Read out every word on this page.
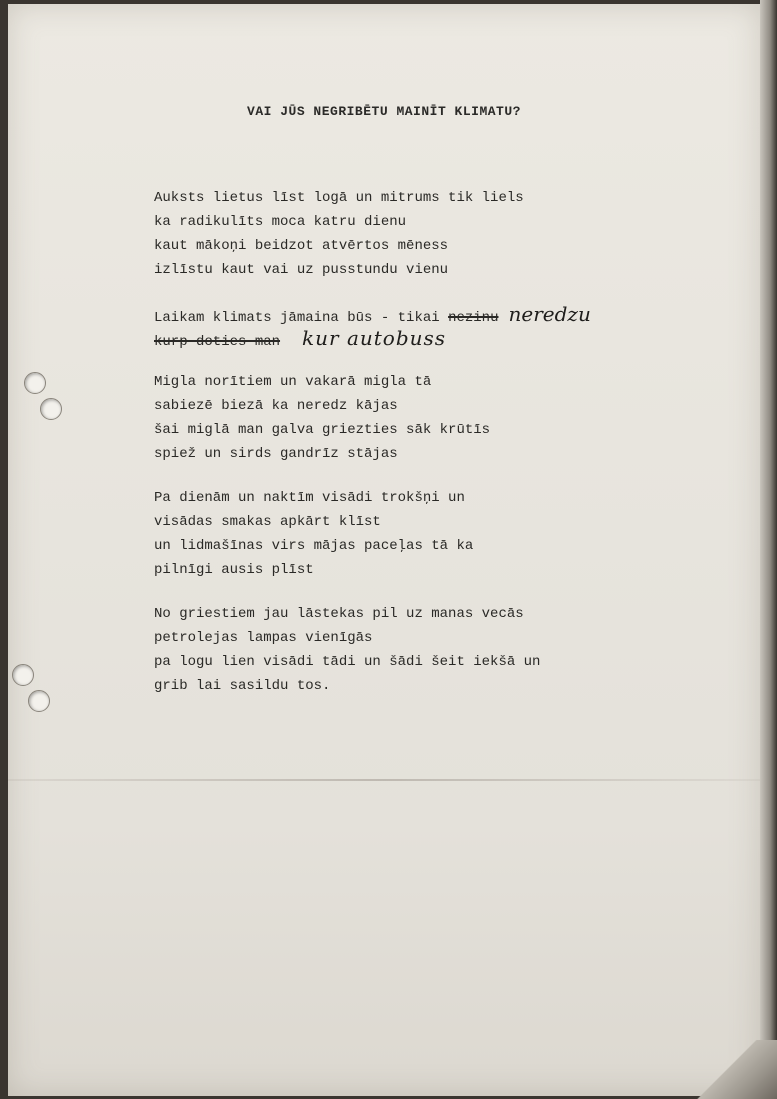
VAI JŪS NEGRIBĒTU MAINĪT KLIMATU?
Auksts lietus līst logā un mitrums tik liels
ka radikulīts moca katru dienu
kaut mākoņi beidzot atvērtos mēness
izlīstu kaut vai uz pusstundu vienu
Laikam klimats jāmaina būs - tikai nezinu neredzu
kurp doties man kur autobuss
Migla norītiem un vakarā migla tā
sabiezē biezā ka neredz kājas
šai miglā man galva griezties sāk krūtīs
spiež un sirds gandrīz stājas
Pa dienām un naktīm visādi trokšņi un
visādas smakas apkārt klīst
un lidmašīnas virs mājas paceļas tā ka
pilnīgi ausis plīst
No griestiem jau lāstekas pil uz manas vecās
petrolejas lampas vienīgās
pa logu lien visādi tādi un šādi šeit iekšā un
grib lai sasildu tos.
